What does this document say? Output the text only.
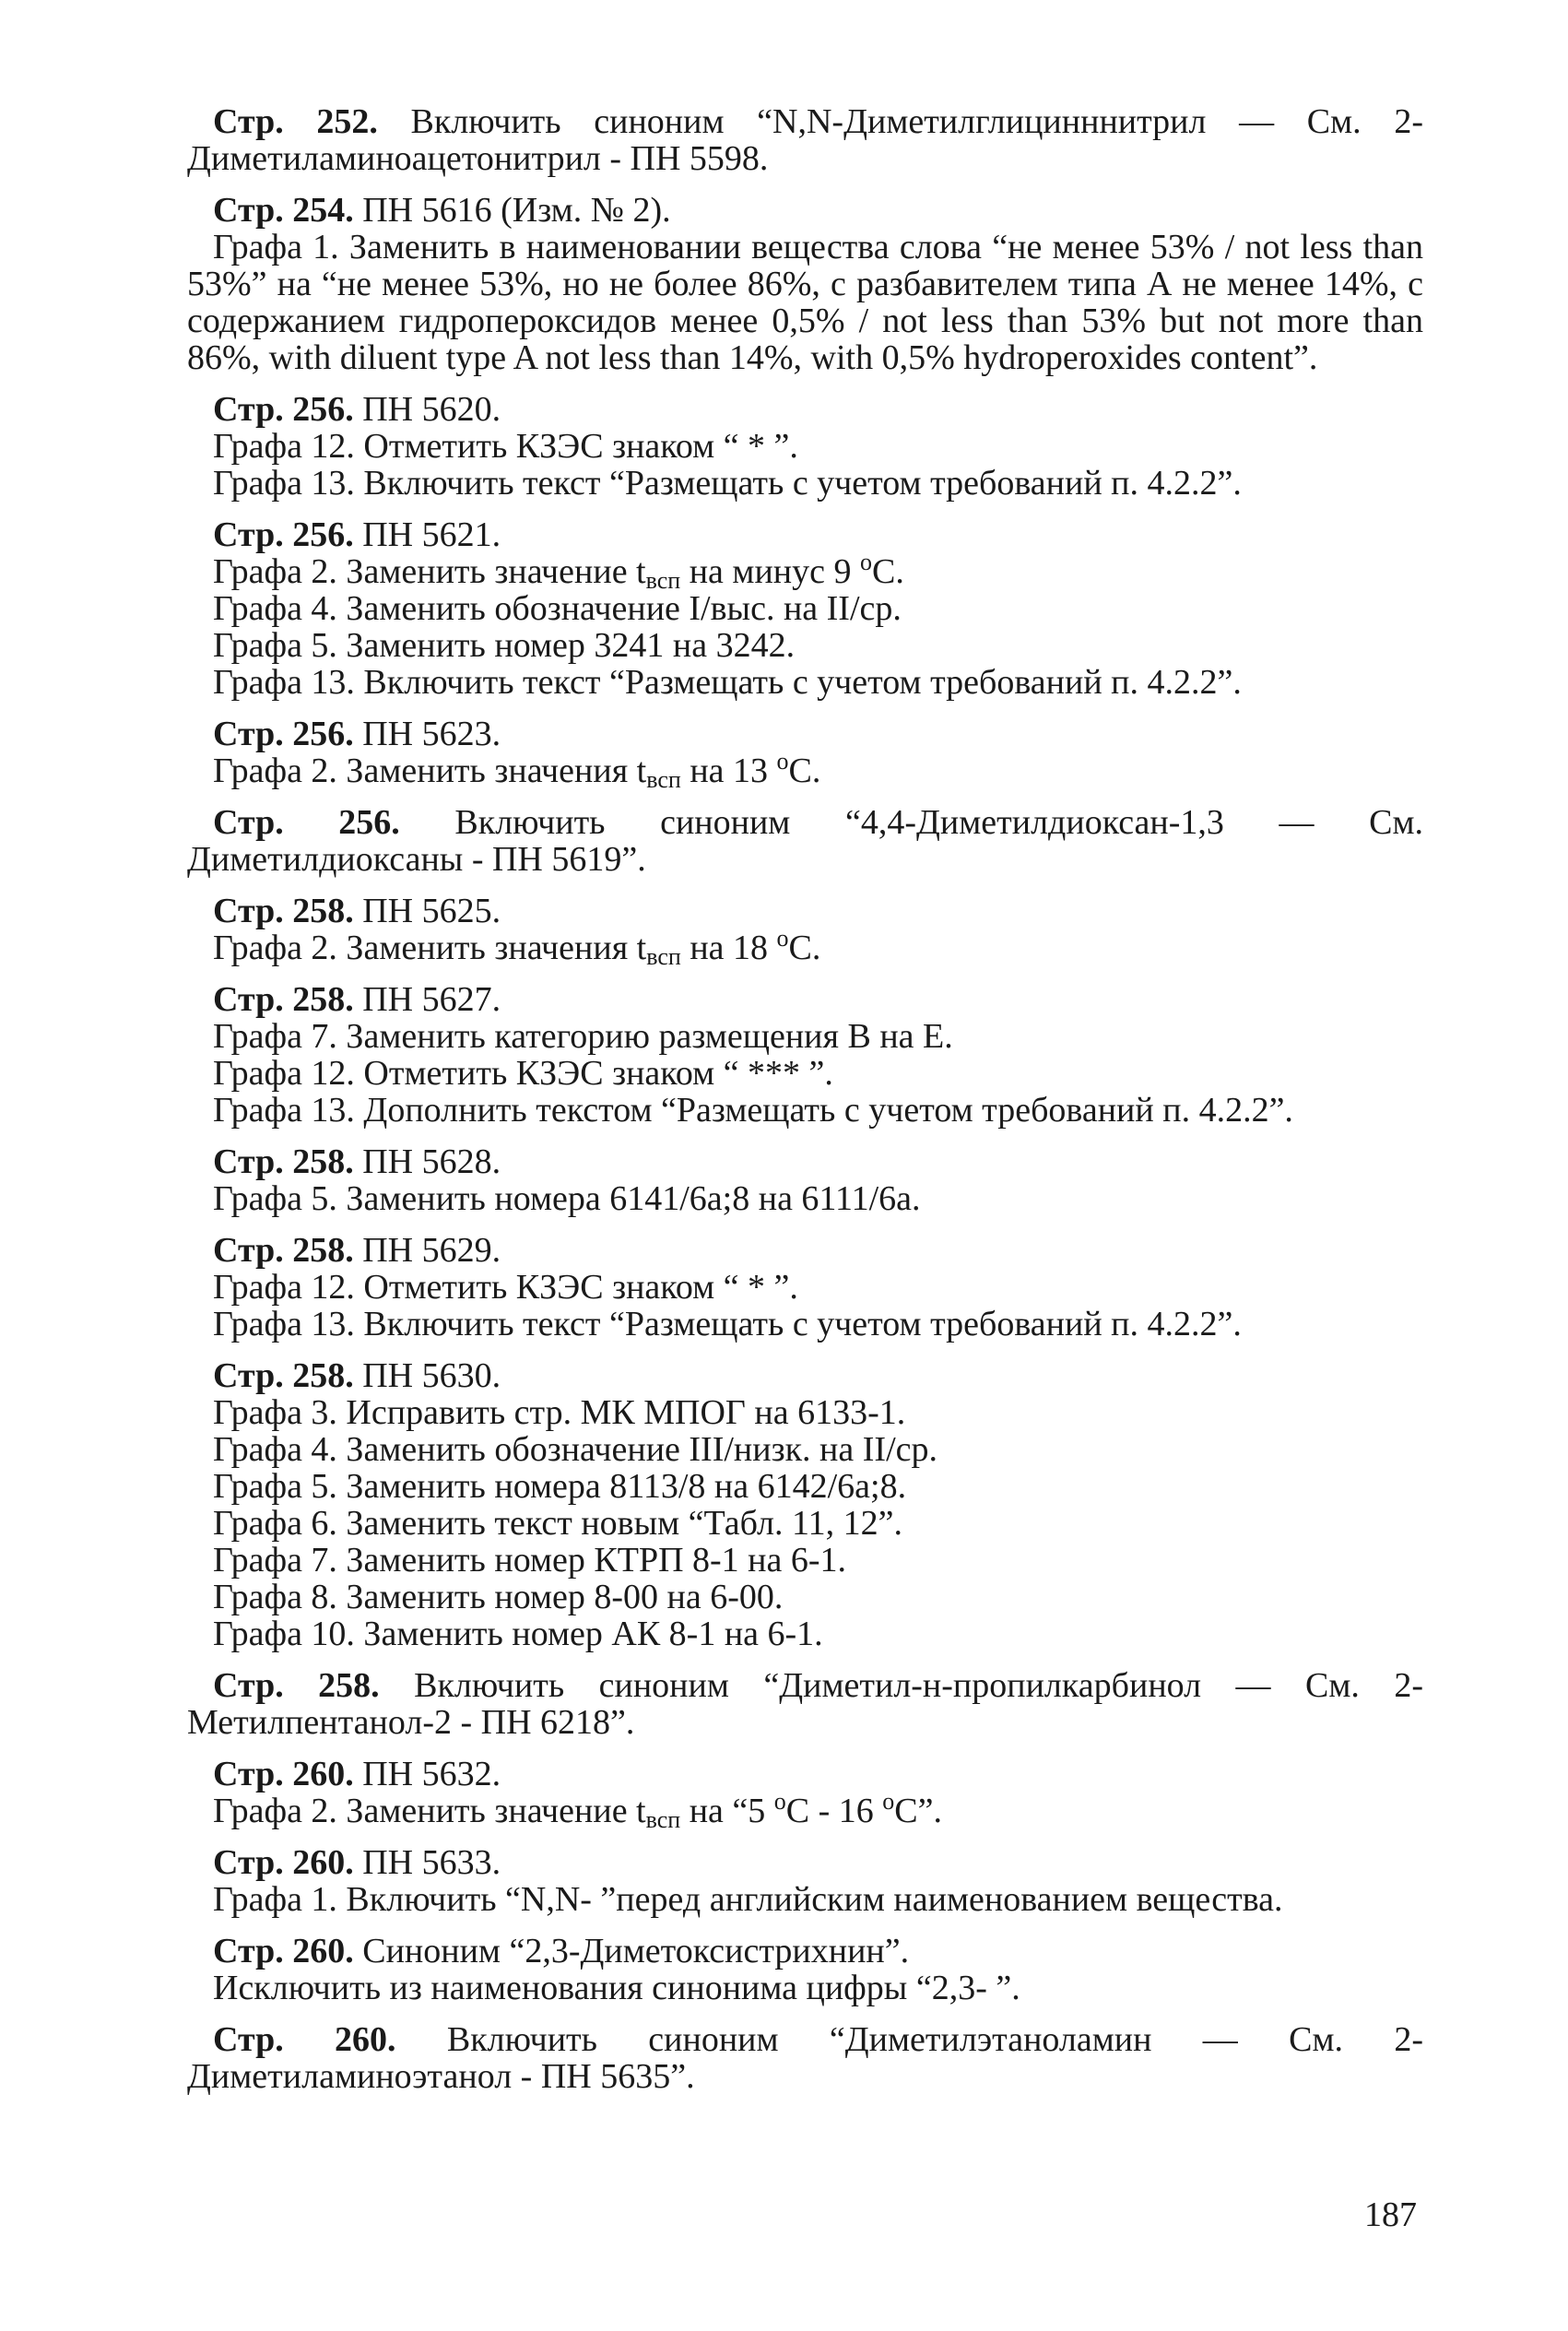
Стр. 252. Включить синоним “N,N-Диметилглицинннитрил — См. 2-Диметиламиноацетонитрил - ПН 5598.
Стр. 254. ПН 5616 (Изм. № 2).
Графа 1. Заменить в наименовании вещества слова “не менее 53% / not less than 53%” на “не менее 53%, но не более 86%, с разбавителем типа А не менее 14%, с содержанием гидропероксидов менее 0,5% / not less than 53% but not more than 86%, with diluent type A not less than 14%, with 0,5% hydroperoxides content”.
Стр. 256. ПН 5620.
Графа 12. Отметить КЗЭС знаком “ * ”.
Графа 13. Включить текст “Размещать с учетом требований п. 4.2.2”.
Стр. 256. ПН 5621.
Графа 2. Заменить значение $t_{всп}$ на минус 9 $^о$С.
Графа 4. Заменить обозначение I/выс. на II/ср.
Графа 5. Заменить номер 3241 на 3242.
Графа 13. Включить текст “Размещать с учетом требований п. 4.2.2”.
Стр. 256. ПН 5623.
Графа 2. Заменить значения $t_{всп}$ на 13 $^о$С.
Стр. 256. Включить синоним “4,4-Диметилдиоксан-1,3 — См. Диметилдиоксаны - ПН 5619”.
Стр. 258. ПН 5625.
Графа 2. Заменить значения $t_{всп}$ на 18 $^о$С.
Стр. 258. ПН 5627.
Графа 7. Заменить категорию размещения В на Е.
Графа 12. Отметить КЗЭС знаком “ *** ”.
Графа 13. Дополнить текстом “Размещать с учетом требований п. 4.2.2”.
Стр. 258. ПН 5628.
Графа 5. Заменить номера 6141/6а;8 на 6111/6а.
Стр. 258. ПН 5629.
Графа 12. Отметить КЗЭС знаком “ * ”.
Графа 13. Включить текст “Размещать с учетом требований п. 4.2.2”.
Стр. 258. ПН 5630.
Графа 3. Исправить стр. МК МПОГ на 6133-1.
Графа 4. Заменить обозначение III/низк. на II/ср.
Графа 5. Заменить номера 8113/8 на 6142/6а;8.
Графа 6. Заменить текст новым “Табл. 11, 12”.
Графа 7. Заменить номер КТРП 8-1 на 6-1.
Графа 8. Заменить номер 8-00 на 6-00.
Графа 10. Заменить номер АК 8-1 на 6-1.
Стр. 258. Включить синоним “Диметил-н-пропилкарбинол — См. 2-Метилпентанол-2 - ПН 6218”.
Стр. 260. ПН 5632.
Графа 2. Заменить значение $t_{всп}$ на “5 $^о$С - 16 $^о$С”.
Стр. 260. ПН 5633.
Графа 1. Включить “N,N- ”перед английским наименованием вещества.
Стр. 260. Синоним “2,3-Диметоксистрихнин”.
Исключить из наименования синонима цифры “2,3- ”.
Стр. 260. Включить синоним “Диметилэтаноламин — См. 2-Диметиламиноэтанол - ПН 5635”.
187
